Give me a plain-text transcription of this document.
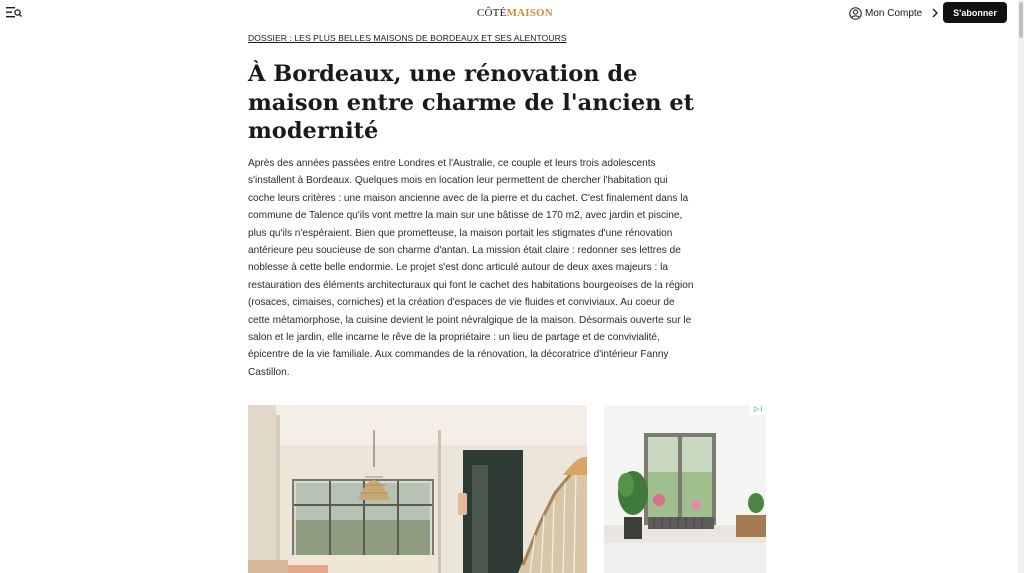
CÔTÉMAISON	Mon Compte	S'abonner
DOSSIER : LES PLUS BELLES MAISONS DE BORDEAUX ET SES ALENTOURS
À Bordeaux, une rénovation de maison entre charme de l'ancien et modernité

Après des années passées entre Londres et l'Australie, ce couple et leurs trois adolescents s'installent à Bordeaux. Quelques mois en location leur permettent de chercher l'habitation qui coche leurs critères : une maison ancienne avec de la pierre et du cachet. C'est finalement dans la commune de Talence qu'ils vont mettre la main sur une bâtisse de 170 m2, avec jardin et piscine, plus qu'ils n'espéraient. Bien que prometteuse, la maison portait les stigmates d'une rénovation antérieure peu soucieuse de son charme d'antan. La mission était claire : redonner ses lettres de noblesse à cette belle endormie. Le projet s'est donc articulé autour de deux axes majeurs : la restauration des éléments architecturaux qui font le cachet des habitations bourgeoises de la région (rosaces, cimaises, corniches) et la création d'espaces de vie fluides et conviviaux. Au coeur de cette métamorphose, la cuisine devient le point névralgique de la maison. Désormais ouverte sur le salon et le jardin, elle incarne le rêve de la propriétaire : un lieu de partage et de convivialité, épicentre de la vie familiale. Aux commandes de la rénovation, la décoratrice d'intérieur Fanny Castillon.

▷ ⅰ
